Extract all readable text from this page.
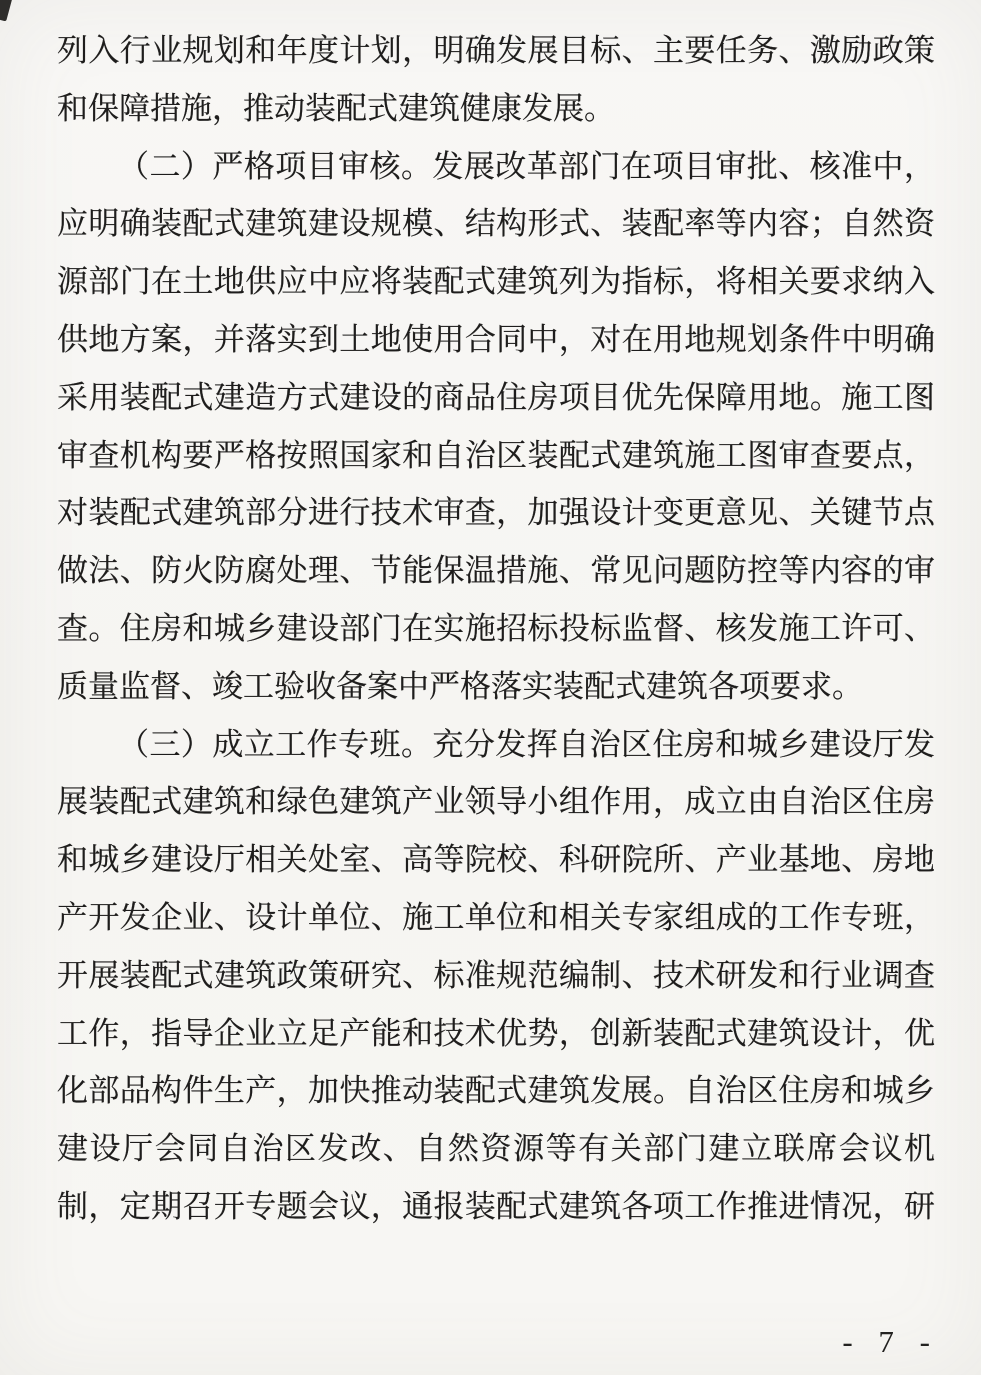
列入行业规划和年度计划，明确发展目标、主要任务、激励政策

和保障措施，推动装配式建筑健康发展。

（二）严格项目审核。发展改革部门在项目审批、核准中，

应明确装配式建筑建设规模、结构形式、装配率等内容；自然资

源部门在土地供应中应将装配式建筑列为指标，将相关要求纳入

供地方案，并落实到土地使用合同中，对在用地规划条件中明确

采用装配式建造方式建设的商品住房项目优先保障用地。施工图

审查机构要严格按照国家和自治区装配式建筑施工图审查要点，

对装配式建筑部分进行技术审查，加强设计变更意见、关键节点

做法、防火防腐处理、节能保温措施、常见问题防控等内容的审

查。住房和城乡建设部门在实施招标投标监督、核发施工许可、

质量监督、竣工验收备案中严格落实装配式建筑各项要求。

（三）成立工作专班。充分发挥自治区住房和城乡建设厅发

展装配式建筑和绿色建筑产业领导小组作用，成立由自治区住房

和城乡建设厅相关处室、高等院校、科研院所、产业基地、房地

产开发企业、设计单位、施工单位和相关专家组成的工作专班，

开展装配式建筑政策研究、标准规范编制、技术研发和行业调查

工作，指导企业立足产能和技术优势，创新装配式建筑设计，优

化部品构件生产，加快推动装配式建筑发展。自治区住房和城乡

建设厅会同自治区发改、自然资源等有关部门建立联席会议机

制，定期召开专题会议，通报装配式建筑各项工作推进情况，研

- 7 -
